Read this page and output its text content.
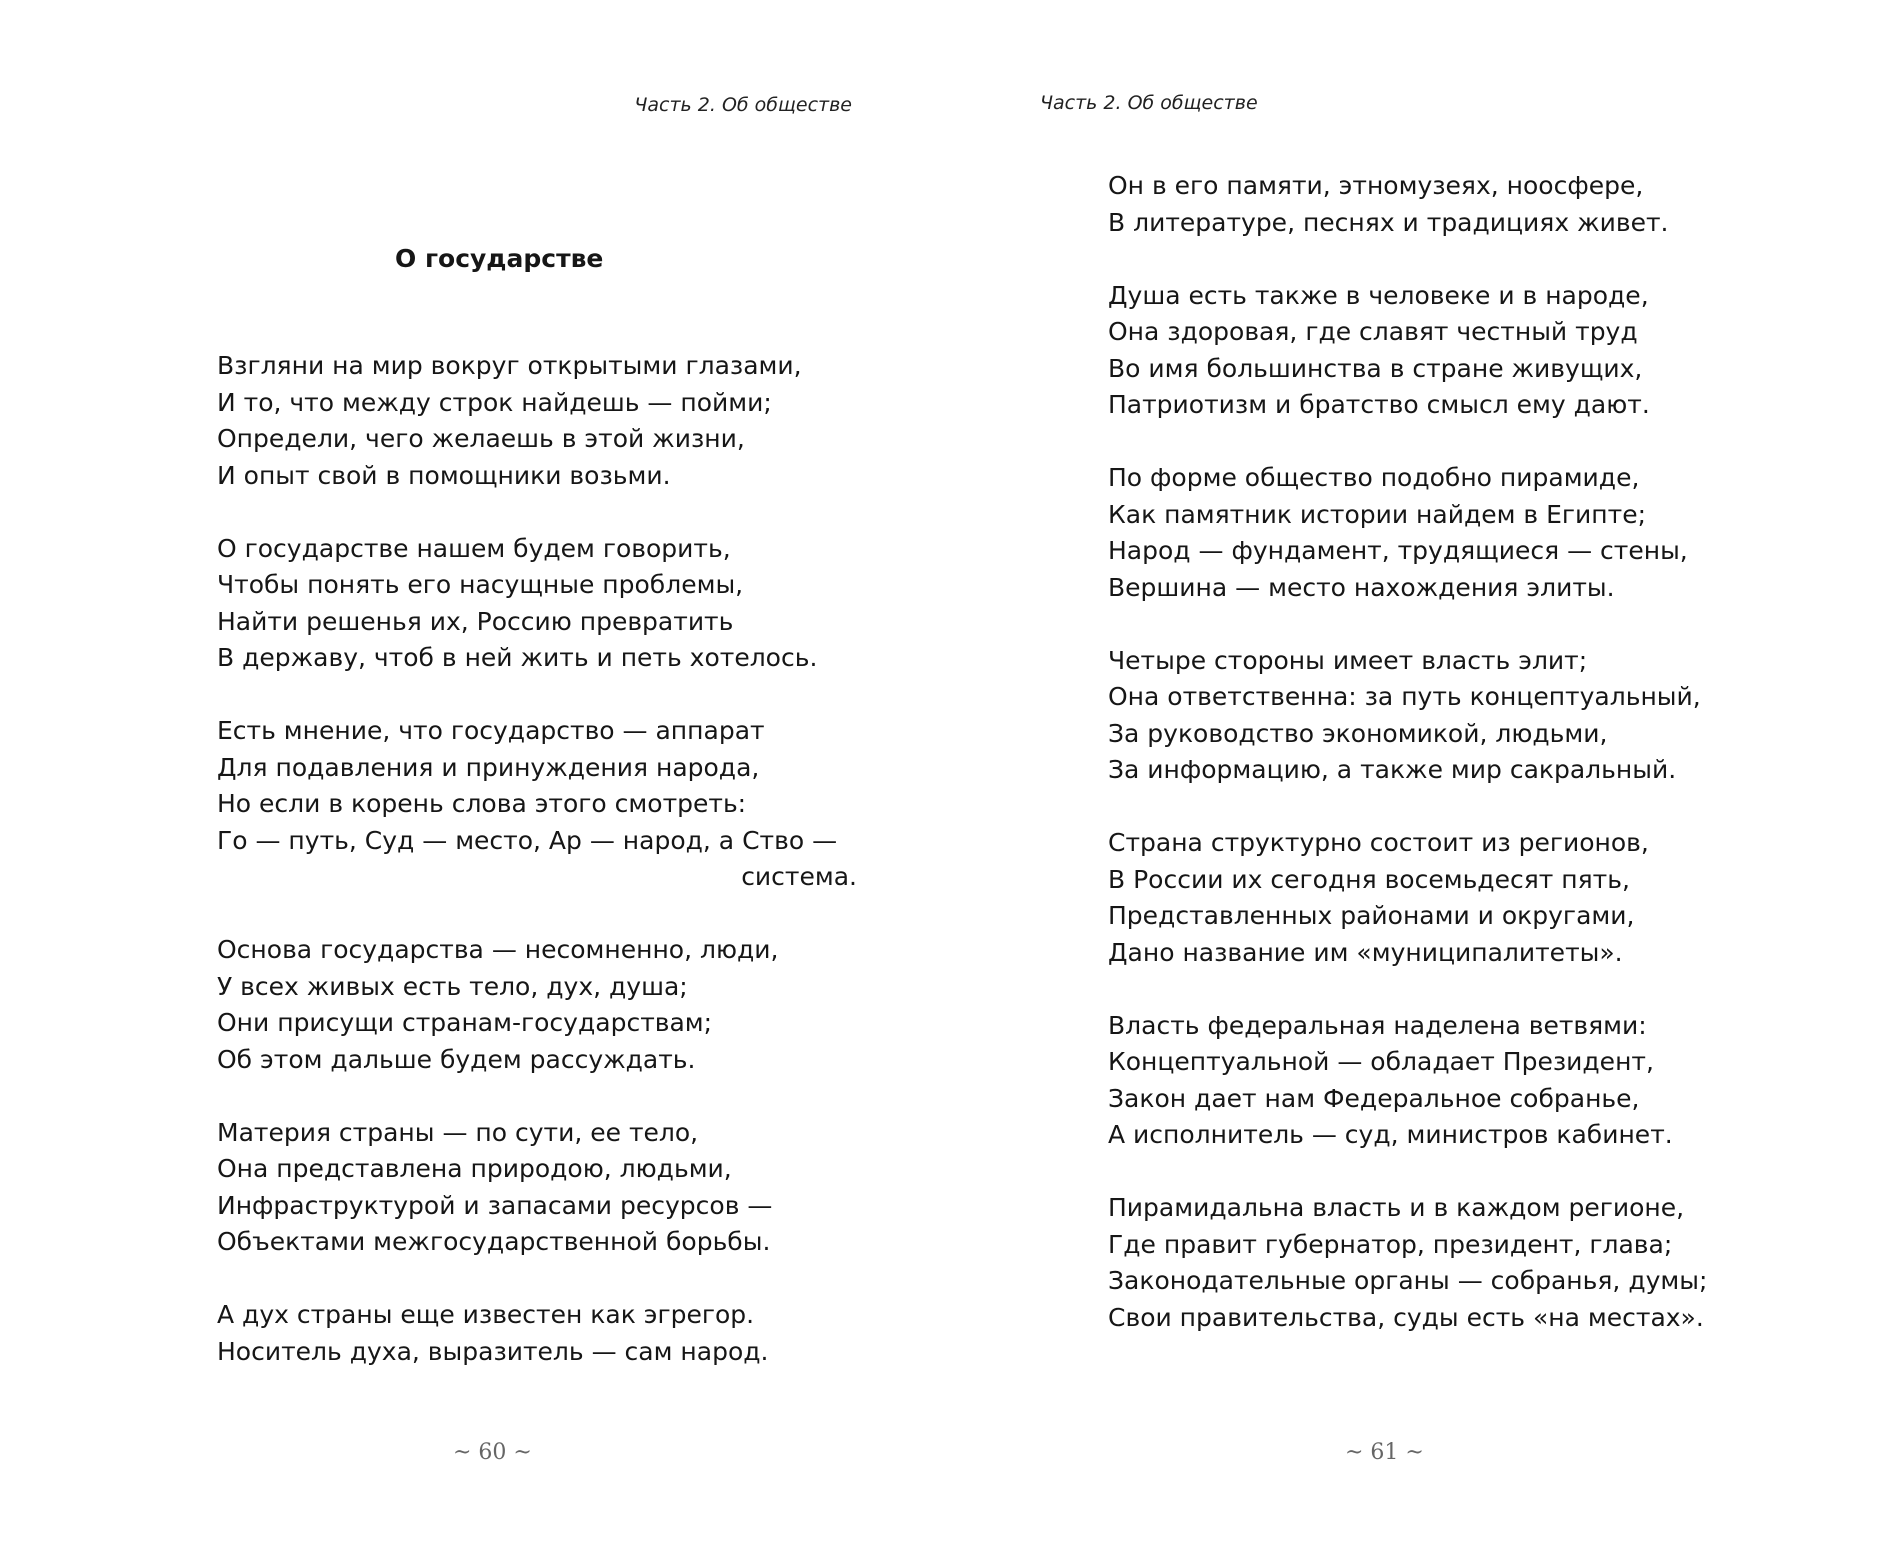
Часть 2. Об обществе
О государстве
Взгляни на мир вокруг открытыми глазами,
И то, что между строк найдешь — пойми;
Определи, чего желаешь в этой жизни,
И опыт свой в помощники возьми.
О государстве нашем будем говорить,
Чтобы понять его насущные проблемы,
Найти решенья их, Россию превратить
В державу, чтоб в ней жить и петь хотелось.
Есть мнение, что государство — аппарат
Для подавления и принуждения народа,
Но если в корень слова этого смотреть:
Го — путь, Суд — место, Ар — народ, а Ство —
система.
Основа государства — несомненно, люди,
У всех живых есть тело, дух, душа;
Они присущи странам-государствам;
Об этом дальше будем рассуждать.
Материя страны — по сути, ее тело,
Она представлена природою, людьми,
Инфраструктурой и запасами ресурсов —
Объектами межгосударственной борьбы.
А дух страны еще известен как эгрегор.
Носитель духа, выразитель — сам народ.
~ 60 ~
Часть 2. Об обществе
Он в его памяти, этномузеях, ноосфере,
В литературе, песнях и традициях живет.
Душа есть также в человеке и в народе,
Она здоровая, где славят честный труд
Во имя большинства в стране живущих,
Патриотизм и братство смысл ему дают.
По форме общество подобно пирамиде,
Как памятник истории найдем в Египте;
Народ — фундамент, трудящиеся — стены,
Вершина — место нахождения элиты.
Четыре стороны имеет власть элит;
Она ответственна: за путь концептуальный,
За руководство экономикой, людьми,
За информацию, а также мир сакральный.
Страна структурно состоит из регионов,
В России их сегодня восемьдесят пять,
Представленных районами и округами,
Дано название им «муниципалитеты».
Власть федеральная наделена ветвями:
Концептуальной — обладает Президент,
Закон дает нам Федеральное собранье,
А исполнитель — суд, министров кабинет.
Пирамидальна власть и в каждом регионе,
Где правит губернатор, президент, глава;
Законодательные органы — собранья, думы;
Свои правительства, суды есть «на местах».
~ 61 ~
